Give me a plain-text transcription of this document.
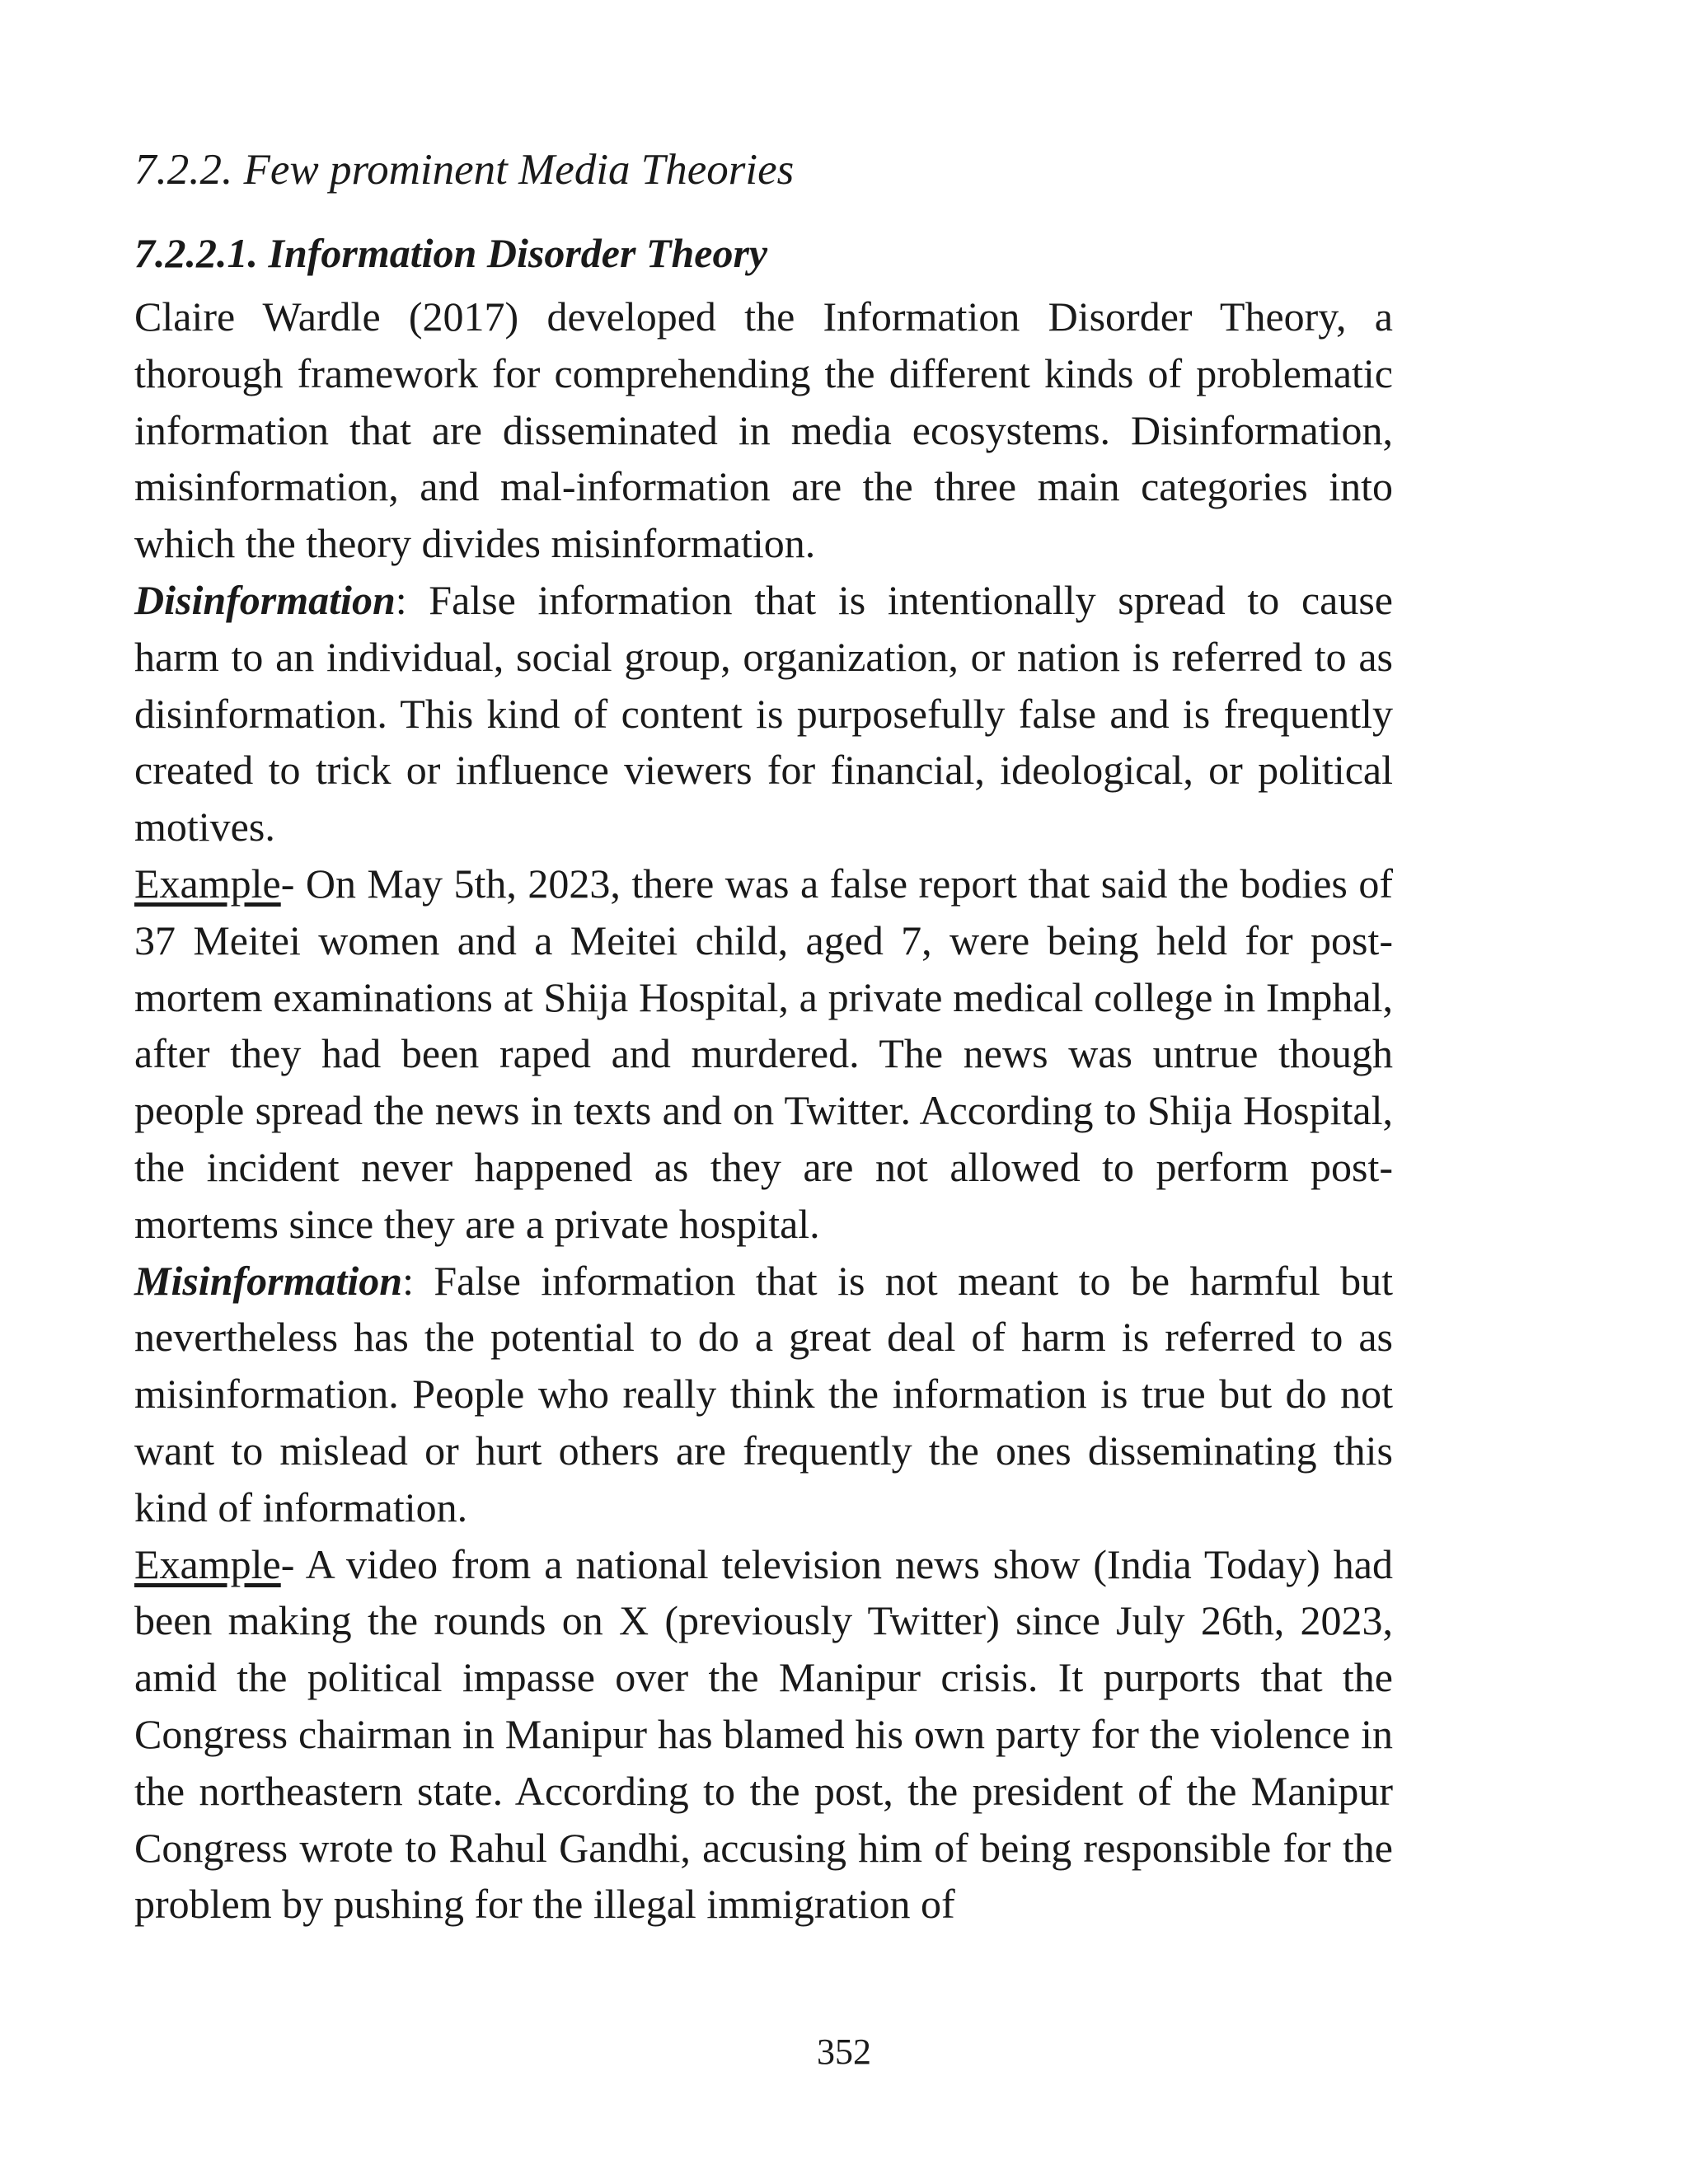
7.2.2. Few prominent Media Theories
7.2.2.1. Information Disorder Theory

Claire Wardle (2017) developed the Information Disorder Theory, a thorough framework for comprehending the different kinds of problematic information that are disseminated in media ecosystems. Disinformation, misinformation, and mal-information are the three main categories into which the theory divides misinformation.

Disinformation: False information that is intentionally spread to cause harm to an individual, social group, organization, or nation is referred to as disinformation. This kind of content is purposefully false and is frequently created to trick or influence viewers for financial, ideological, or political motives.

Example- On May 5th, 2023, there was a false report that said the bodies of 37 Meitei women and a Meitei child, aged 7, were being held for post-mortem examinations at Shija Hospital, a private medical college in Imphal, after they had been raped and murdered. The news was untrue though people spread the news in texts and on Twitter. According to Shija Hospital, the incident never happened as they are not allowed to perform post-mortems since they are a private hospital.

Misinformation: False information that is not meant to be harmful but nevertheless has the potential to do a great deal of harm is referred to as misinformation. People who really think the information is true but do not want to mislead or hurt others are frequently the ones disseminating this kind of information.

Example- A video from a national television news show (India Today) had been making the rounds on X (previously Twitter) since July 26th, 2023, amid the political impasse over the Manipur crisis. It purports that the Congress chairman in Manipur has blamed his own party for the violence in the northeastern state. According to the post, the president of the Manipur Congress wrote to Rahul Gandhi, accusing him of being responsible for the problem by pushing for the illegal immigration of

352
